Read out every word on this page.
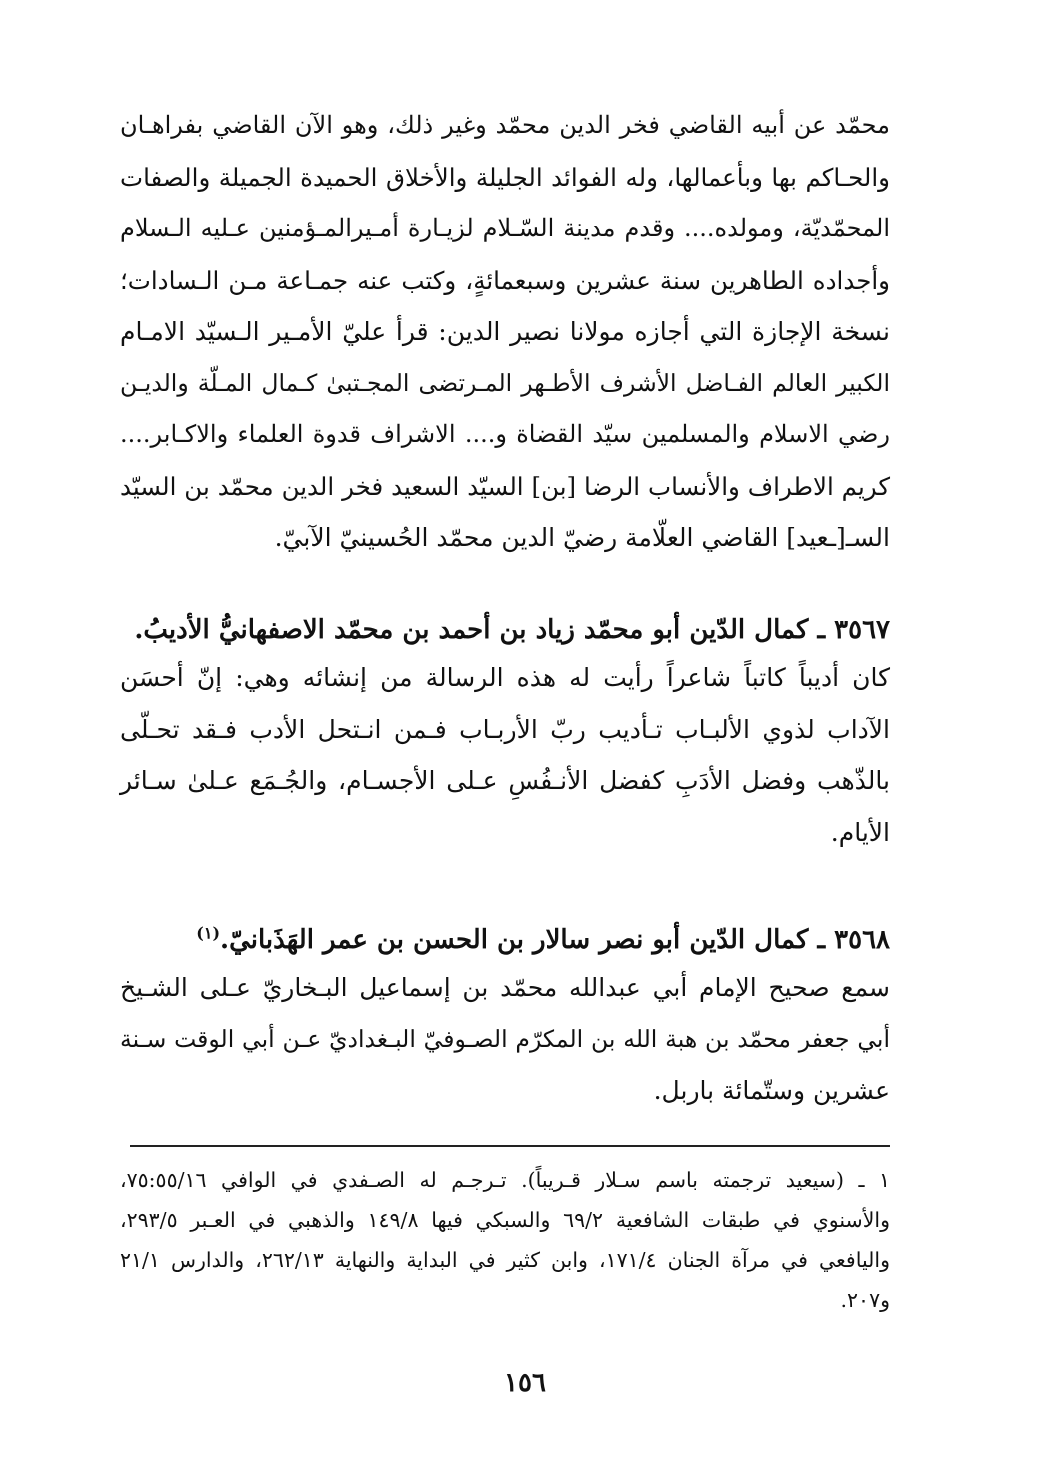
محمّد عن أبيه القاضي فخر الدين محمّد وغير ذلك، وهو الآن القاضي بفراهـان
والحـاكم بها وبأعمالها، وله الفوائد الجليلة والأخلاق الحميدة الجميلة والصفات
المحمّديّة، ومولده.... وقدم مدينة السّـلام لزيـارة أمـيرالمـؤمنين عـليه الـسلام
وأجداده الطاهرين سنة عشرين وسبعمائةٍ، وكتب عنه جمـاعة مـن الـسادات؛
نسخة الإجازة التي أجازه مولانا نصير الدين: قرأ عليّ الأمـير الـسيّد الامـام
الكبير العالم الفـاضل الأشرف الأطـهر المـرتضى المجـتبىٰ كـمال المـلّة والديـن
رضي الاسلام والمسلمين سيّد القضاة و.... الاشراف قدوة العلماء والاكـابر....
كريم الاطراف والأنساب الرضا [بن] السيّد السعيد فخر الدين محمّد بن السيّد
السـ[ـعيد] القاضي العلّامة رضيّ الدين محمّد الحُسينيّ الآبيّ.
٣٥٦٧ ـ كمال الدّين أبو محمّد زياد بن أحمد بن محمّد الاصفهانيُّ الأديبُ.
كان أديباً كاتباً شاعراً رأيت له هذه الرسالة من إنشائه وهي: إنّ أحسَن
الآداب لذوي الألبـاب تـأديب ربّ الأربـاب فـمن انـتحل الأدب فـقد تحـلّى
بالذّهب وفضل الأدَبِ كفضل الأنـفُسِ عـلى الأجسـام، والجُـمَع عـلىٰ سـائر
الأيام.
٣٥٦٨ ـ كمال الدّين أبو نصر سالار بن الحسن بن عمر الهَذَبانيّ.$^{(١)}$
سمع صحيح الإمام أبي عبدالله محمّد بن إسماعيل البـخاريّ عـلى الشـيخ
أبي جعفر محمّد بن هبة الله بن المكرّم الصـوفيّ البـغداديّ عـن أبي الوقت سـنة
عشرين وستّمائة باربل.
١ ـ (سيعيد ترجمته باسم سـلار قـريباً). تـرجـم له الصـفدي في الوافي ٧٥:٥٥/١٦،
والأسنوي في طبقات الشافعية ٦٩/٢ والسبكي فيها ١٤٩/٨ والذهبي في العـبر ٢٩٣/٥،
واليافعي في مرآة الجنان ١٧١/٤، وابن كثير في البداية والنهاية ٢٦٢/١٣، والدارس ٢١/١
و٢٠٧.
١٥٦
